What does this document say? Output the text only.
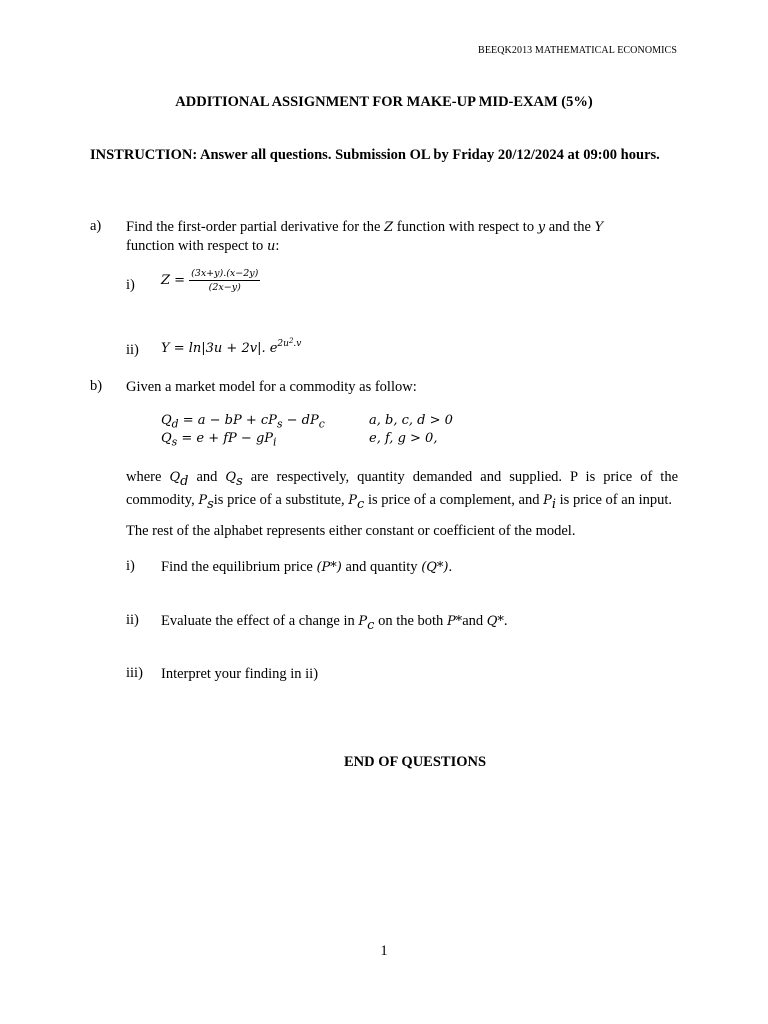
BEEQK2013 MATHEMATICAL ECONOMICS
ADDITIONAL ASSIGNMENT FOR MAKE-UP MID-EXAM (5%)
INSTRUCTION: Answer all questions. Submission OL by Friday 20/12/2024 at 09:00 hours.
a) Find the first-order partial derivative for the Z function with respect to y and the Y
function with respect to u:
i) $Z = \frac{(3x+y).(x-2y)}{(2x-y)}$
ii) Y = ln|3u + 2v|. $e^{2u2.v}$
b) Given a market model for a commodity as follow:
$Q_d = a$ − bP + $cP_s - dP_c$	a, b, c, d > 0
$Q_s = e$ + fP − $gP_i$	e, f, g > 0,
where $Q_d$ and $Q_s$ are respectively, quantity demanded and supplied. P is price of the commodity, $P_sis$ price of a substitute, $P_c$ is price of a complement, and $P_i$ is price of an input.
The rest of the alphabet represents either constant or coefficient of the model.
i) Find the equilibrium price (P*) and quantity (Q*).
ii) Evaluate the effect of a change in $P_c$ on the both P*and Q*.
iii) Interpret your finding in ii)
END OF QUESTIONS
1
